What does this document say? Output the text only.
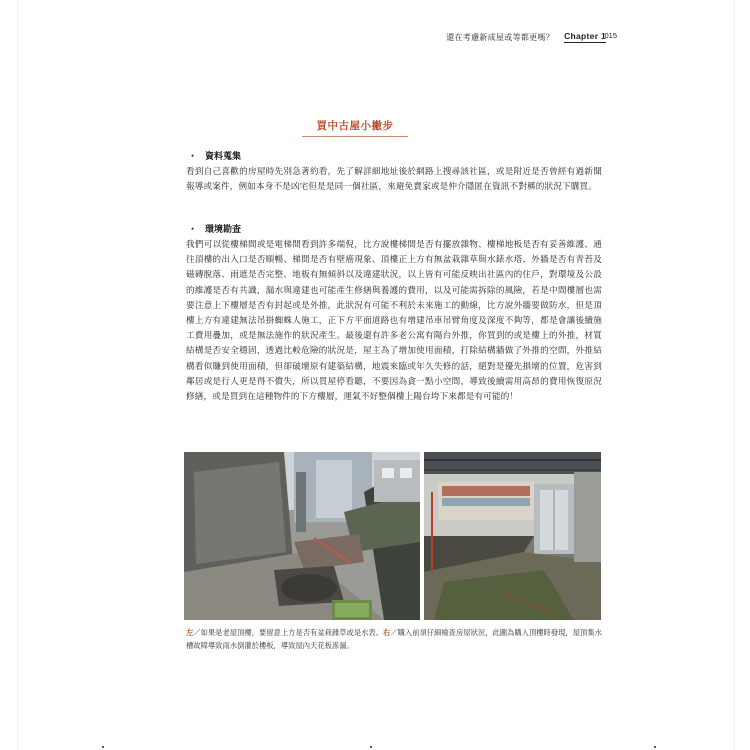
還在考慮新成屋或等都更嗎？ Chapter 1
015
買中古屋小撇步
・ 資料蒐集

看到自己喜歡的房屋時先別急著約看，先了解詳細地址後於網路上搜尋該社區，或是附近是否曾經有過新聞報導或案件，例如本身不是凶宅但是是同一個社區，來避免賣家或是仲介隱匿在資訊不對稱的狀況下購買。

・ 環境勘查

我們可以從樓梯間或是電梯間看到許多端倪，比方說樓梯間是否有擺放雜物、樓梯地板是否有妥善維護、通往頂樓的出入口是否順暢、梯間是否有壁癌現象、頂樓正上方有無盆栽雜草與水錶水塔、外牆是否有青苔及磁磚脫落、雨遮是否完整、地板有無傾斜以及違建狀況，以上皆有可能反映出社區內的住戶，對環境及公設的維護是否有共識，漏水與違建也可能產生修繕與養護的費用，以及可能需拆除的風險，若是中間樓層也需要注意上下樓層是否有封起或是外推，此狀況有可能不利於未來施工的動線，比方說外牆要做防水，但是頂樓上方有違建無法吊掛蜘蛛人施工，正下方平面道路也有增建吊車吊臂角度及深度不夠等，都是會讓後續施工費用疊加，或是無法施作的狀況產生。最後還有許多老公寓有陽台外推，你買到的或是樓上的外推，材質結構是否安全穩固，透過比較危險的狀況是，屋主為了增加使用面積，打除結構牆做了外推的空間，外推結構看似賺到使用面積，但卻破壞原有建築結構，地震來臨或年久失修的話，絕對是優先損壞的位置，危害到鄰居或是行人更是得不償失，所以買屋停看聽，不要因為貪一點小空間，導致後續需用高昂的費用恢復原況修繕，或是買到在這種物件的下方樓層，運氣不好整個樓上陽台垮下來都是有可能的！

左／如果是老屋頂樓，要留意上方是否有盆栽雜草或是水表。右／購入前須仔細檢查房屋狀況，此圖為購入頂樓時發現，屋頂集水槽故障導致雨水倒灌於樓板，導致屋內天花板滲漏。
